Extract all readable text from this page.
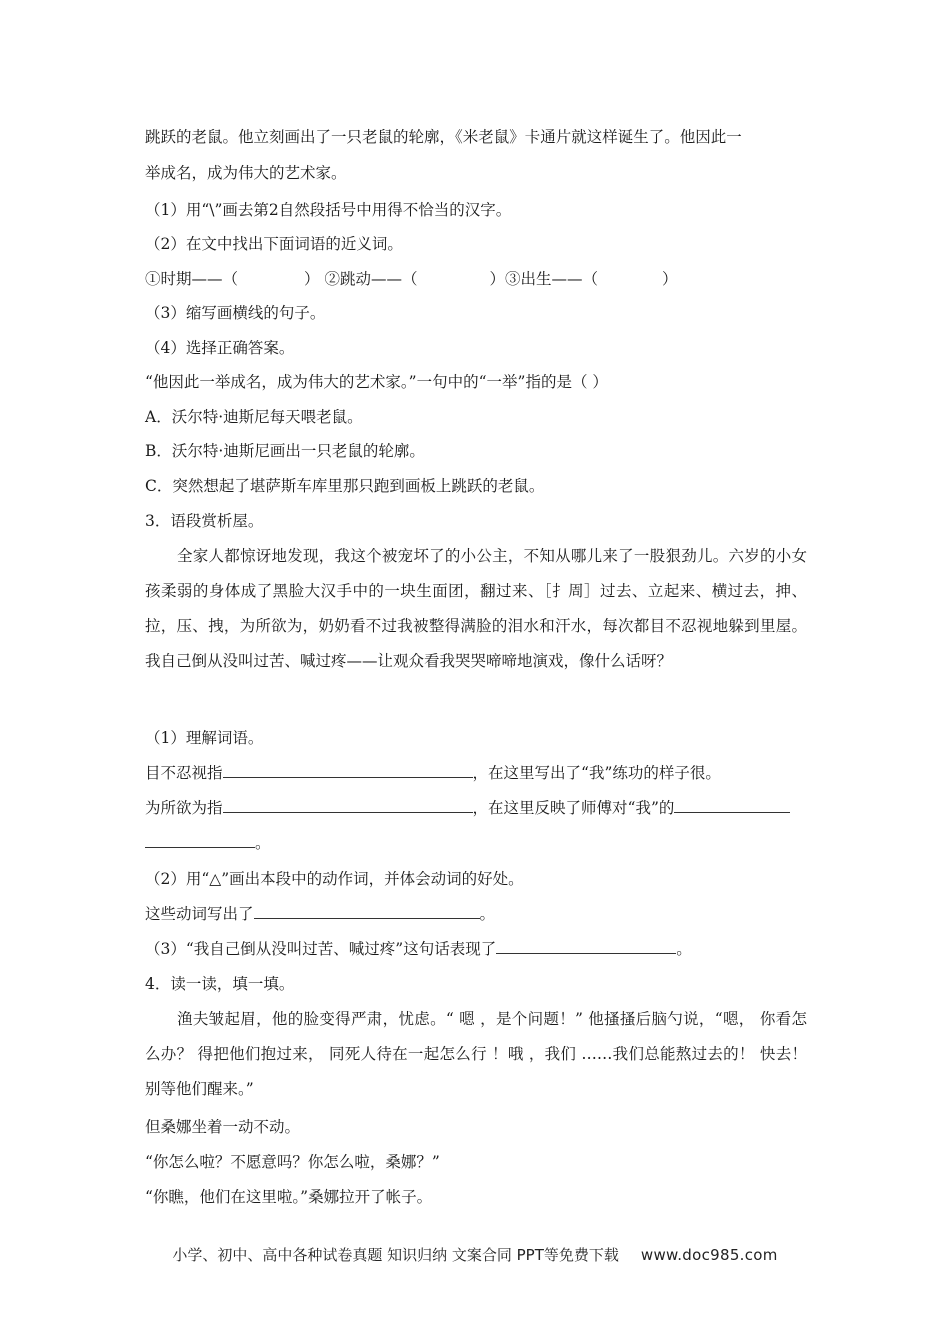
跳跃的老鼠。他立刻画出了一只老鼠的轮廓，《米老鼠》卡通片就这样诞生了。他因此一
举成名，成为伟大的艺术家。
（1）用“\”画去第2自然段括号中用得不恰当的汉字。
（2）在文中找出下面词语的近义词。
①时期——（	） ②跳动——（	）③出生——（	）
（3）缩写画横线的句子。
（4）选择正确答案。
“他因此一举成名，成为伟大的艺术家。”一句中的“一举”指的是（ ）
A．沃尔特·迪斯尼每天喂老鼠。
B．沃尔特·迪斯尼画出一只老鼠的轮廓。
C．突然想起了堪萨斯车库里那只跑到画板上跳跃的老鼠。
3．语段赏析屋。

全家人都惊讶地发现，我这个被宠坏了的小公主，不知从哪儿来了一股狠劲儿。六岁的小女孩柔弱的身体成了黑脸大汉手中的一块生面团，翻过来、［扌周］过去、立起来、横过去，抻、拉，压、拽，为所欲为，奶奶看不过我被整得满脸的泪水和汗水，每次都目不忍视地躲到里屋。我自己倒从没叫过苦、喊过疼——让观众看我哭哭啼啼地演戏，像什么话呀？

（1）理解词语。
目不忍视指	，在这里写出了“我”练功的样子很。
为所欲为指	，在这里反映了师傅对“我”的
。
（2）用“△”画出本段中的动作词，并体会动词的好处。
这些动词写出了	。
（3）“我自己倒从没叫过苦、喊过疼”这句话表现了	。
4．读一读，填一填。

渔夫皱起眉，他的脸变得严肃，忧虑。“ 嗯 ，是个问题！” 他搔搔后脑勺说，“嗯， 你看怎么办？ 得把他们抱过来， 同死人待在一起怎么行 ！哦 ，我们 ……我们总能熬过去的！ 快去！ 别等他们醒来。”

但桑娜坐着一动不动。
“你怎么啦？不愿意吗？你怎么啦，桑娜？”
“你瞧，他们在这里啦。”桑娜拉开了帐子。
小学、初中、高中各种试卷真题 知识归纳 文案合同 PPT等免费下载 www.doc985.com
